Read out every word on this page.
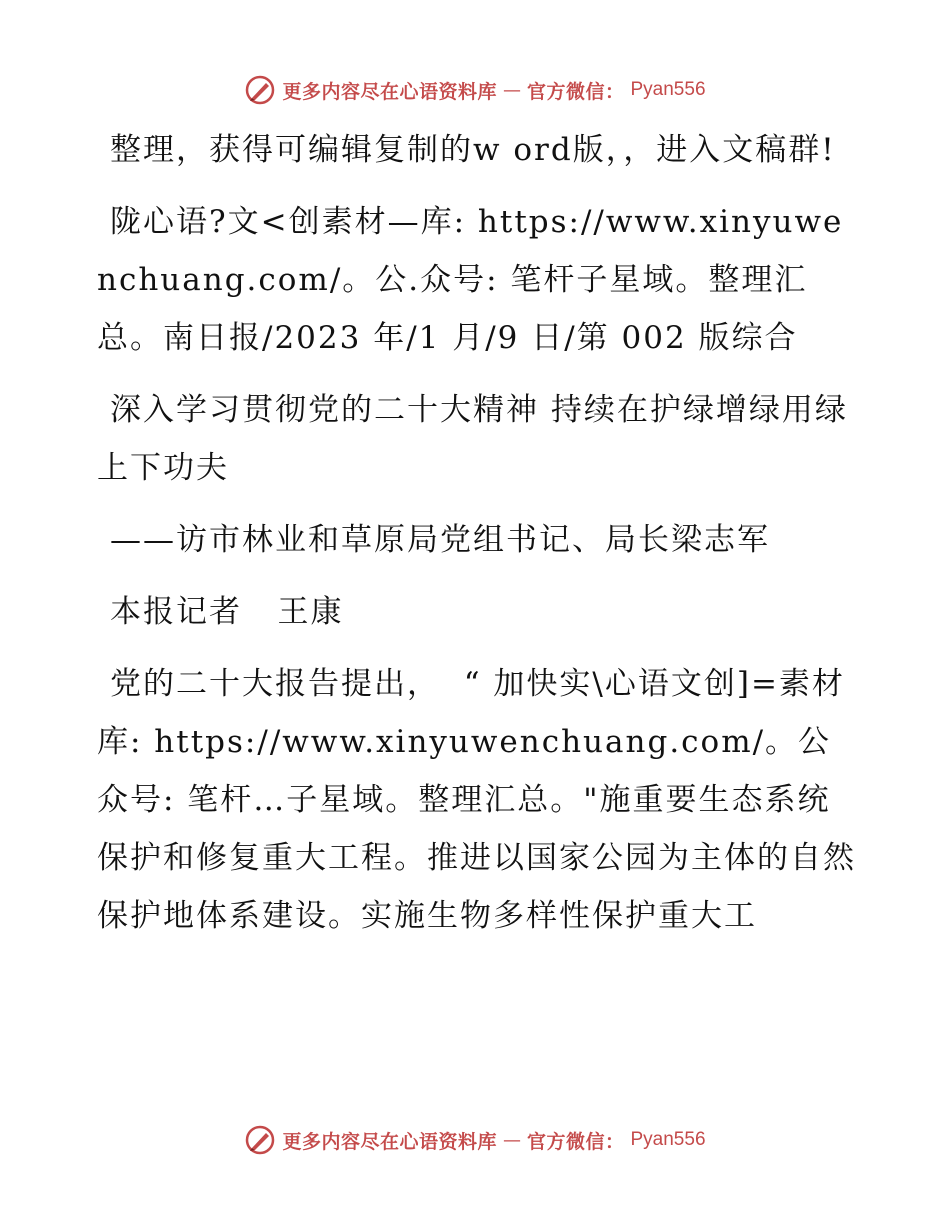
更多内容尽在心语资料库 — 官方微信： Pyan556

整理，获得可编辑复制的w ord版，，进入文稿群!

陇心语?文<创素材—库: https://www.xinyuwenchuang.com/。公.众号: 笔杆子星域。整理汇总。南日报/2023 年/1 月/9 日/第 002 版综合

深入学习贯彻党的二十大精神 持续在护绿增绿用绿上下功夫

——访市林业和草原局党组书记、局长梁志军

本报记者   王康

党的二十大报告提出，  “ 加快实\心语文创]=素材库: https://www.xinyuwenchuang.com/。公众号: 笔杆…子星域。整理汇总。"施重要生态系统保护和修复重大工程。推进以国家公园为主体的自然保护地体系建设。实施生物多样性保护重大工

更多内容尽在心语资料库 — 官方微信： Pyan556
